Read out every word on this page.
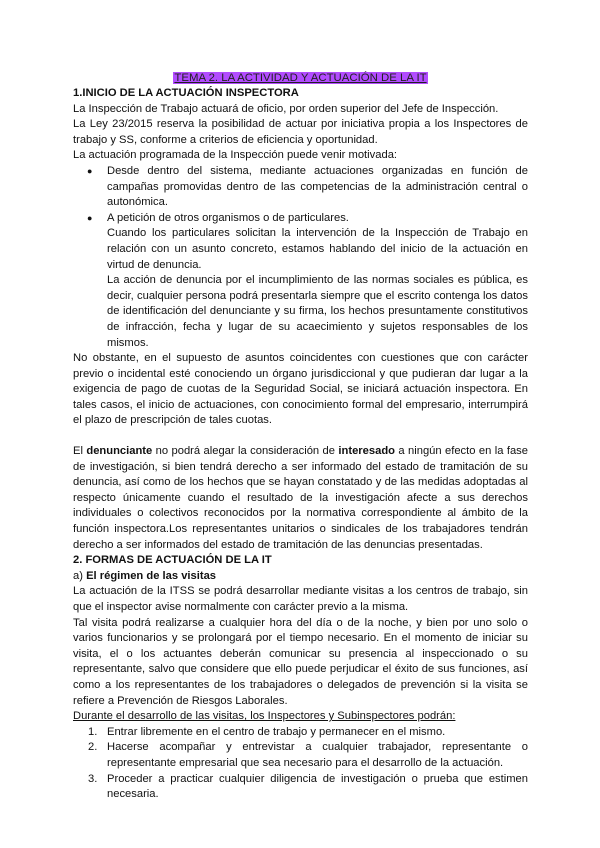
TEMA 2. LA ACTIVIDAD Y ACTUACIÓN DE LA IT

1.INICIO DE LA ACTUACIÓN INSPECTORA

La Inspección de Trabajo actuará de oficio, por orden superior del Jefe de Inspección.

La Ley 23/2015 reserva la posibilidad de actuar por iniciativa propia a los Inspectores de trabajo y SS, conforme a criterios de eficiencia y oportunidad.

La actuación programada de la Inspección puede venir motivada:

● Desde dentro del sistema, mediante actuaciones organizadas en función de campañas promovidas dentro de las competencias de la administración central o autonómica.
● A petición de otros organismos o de particulares.
Cuando los particulares solicitan la intervención de la Inspección de Trabajo en relación con un asunto concreto, estamos hablando del inicio de la actuación en virtud de denuncia.
La acción de denuncia por el incumplimiento de las normas sociales es pública, es decir, cualquier persona podrá presentarla siempre que el escrito contenga los datos de identificación del denunciante y su firma, los hechos presuntamente constitutivos de infracción, fecha y lugar de su acaecimiento y sujetos responsables de los mismos.

No obstante, en el supuesto de asuntos coincidentes con cuestiones que con carácter previo o incidental esté conociendo un órgano jurisdiccional y que pudieran dar lugar a la exigencia de pago de cuotas de la Seguridad Social, se iniciará actuación inspectora. En tales casos, el inicio de actuaciones, con conocimiento formal del empresario, interrumpirá el plazo de prescripción de tales cuotas.

El denunciante no podrá alegar la consideración de interesado a ningún efecto en la fase de investigación, si bien tendrá derecho a ser informado del estado de tramitación de su denuncia, así como de los hechos que se hayan constatado y de las medidas adoptadas al respecto únicamente cuando el resultado de la investigación afecte a sus derechos individuales o colectivos reconocidos por la normativa correspondiente al ámbito de la función inspectora.Los representantes unitarios o sindicales de los trabajadores tendrán derecho a ser informados del estado de tramitación de las denuncias presentadas.

2. FORMAS DE ACTUACIÓN DE LA IT

a) El régimen de las visitas

La actuación de la ITSS se podrá desarrollar mediante visitas a los centros de trabajo, sin que el inspector avise normalmente con carácter previo a la misma.

Tal visita podrá realizarse a cualquier hora del día o de la noche, y bien por uno solo o varios funcionarios y se prolongará por el tiempo necesario. En el momento de iniciar su visita, el o los actuantes deberán comunicar su presencia al inspeccionado o su representante, salvo que considere que ello puede perjudicar el éxito de sus funciones, así como a los representantes de los trabajadores o delegados de prevención si la visita se refiere a Prevención de Riesgos Laborales.

Durante el desarrollo de las visitas, los Inspectores y Subinspectores podrán:

1. Entrar libremente en el centro de trabajo y permanecer en el mismo.
2. Hacerse acompañar y entrevistar a cualquier trabajador, representante o representante empresarial que sea necesario para el desarrollo de la actuación.
3. Proceder a practicar cualquier diligencia de investigación o prueba que estimen necesaria.
